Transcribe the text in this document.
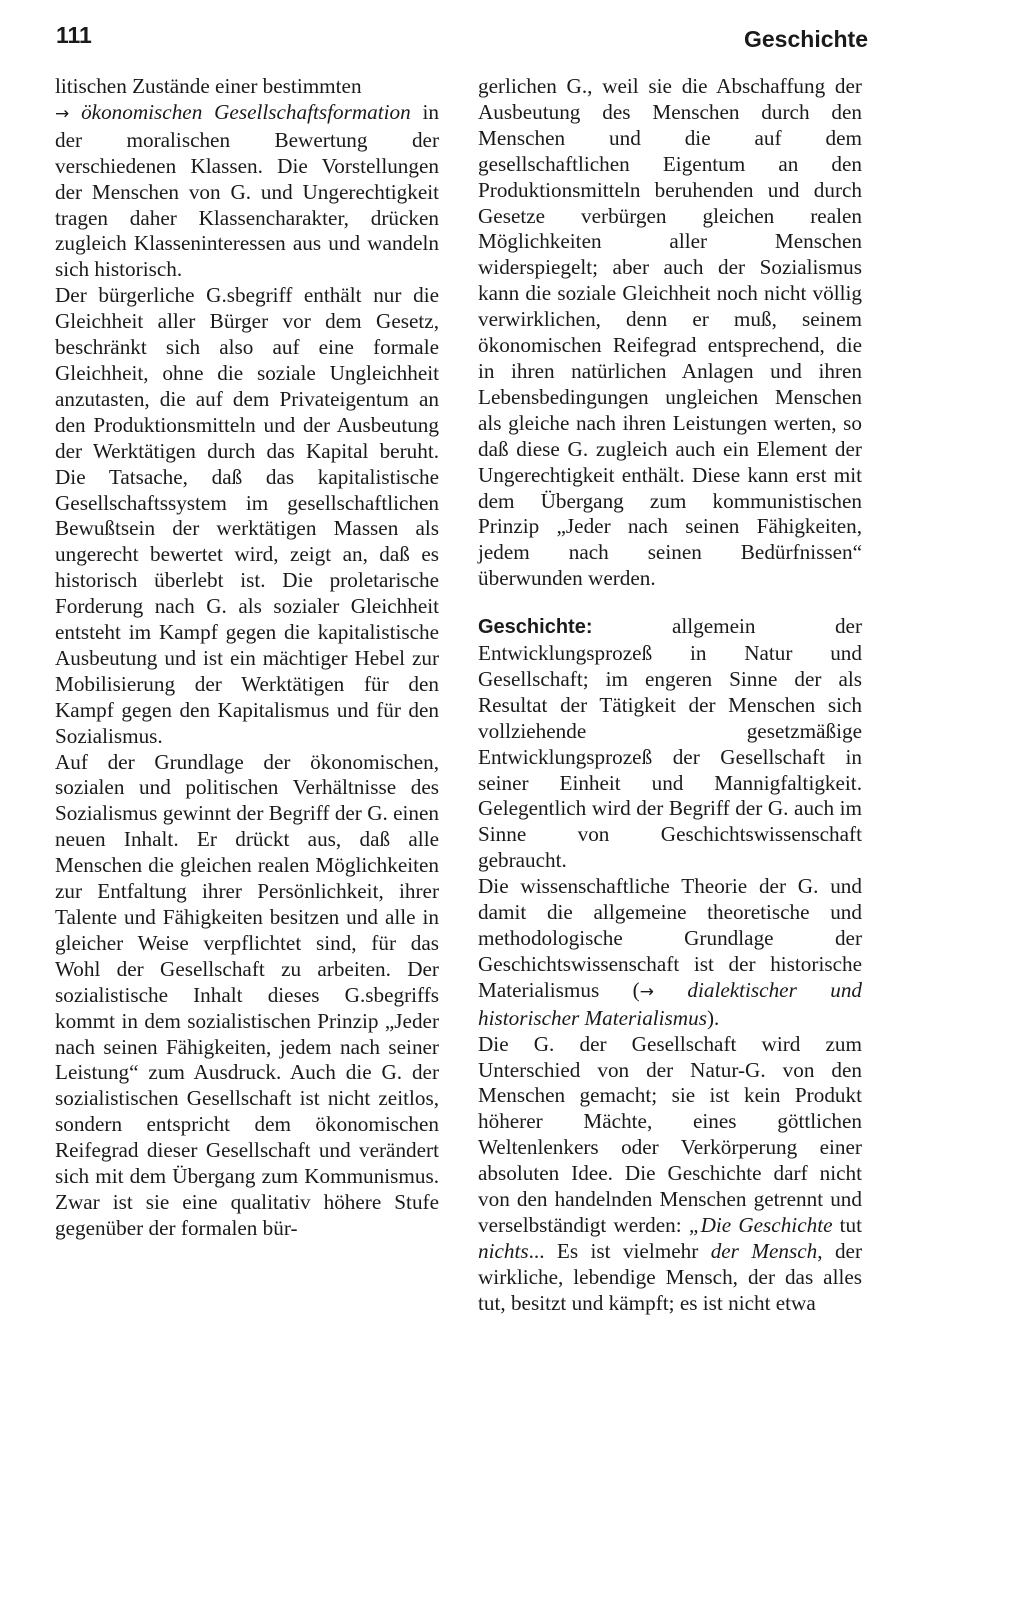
111	Geschichte

litischen Zustände einer bestimmten
→ ökonomischen Gesellschaftsformation in der moralischen Bewertung der verschiedenen Klassen. Die Vorstellungen der Menschen von G. und Ungerechtigkeit tragen daher Klassencharakter, drücken zugleich Klasseninteressen aus und wandeln sich historisch.

Der bürgerliche G.sbegriff enthält nur die Gleichheit aller Bürger vor dem Gesetz, beschränkt sich also auf eine formale Gleichheit, ohne die soziale Ungleichheit anzutasten, die auf dem Privateigentum an den Produktionsmitteln und der Ausbeutung der Werktätigen durch das Kapital beruht. Die Tatsache, daß das kapitalistische Gesellschaftssystem im gesellschaftlichen Bewußtsein der werktätigen Massen als ungerecht bewertet wird, zeigt an, daß es historisch überlebt ist. Die proletarische Forderung nach G. als sozialer Gleichheit entsteht im Kampf gegen die kapitalistische Ausbeutung und ist ein mächtiger Hebel zur Mobilisierung der Werktätigen für den Kampf gegen den Kapitalismus und für den Sozialismus.

Auf der Grundlage der ökonomischen, sozialen und politischen Verhältnisse des Sozialismus gewinnt der Begriff der G. einen neuen Inhalt. Er drückt aus, daß alle Menschen die gleichen realen Möglichkeiten zur Entfaltung ihrer Persönlichkeit, ihrer Talente und Fähigkeiten besitzen und alle in gleicher Weise verpflichtet sind, für das Wohl der Gesellschaft zu arbeiten. Der sozialistische Inhalt dieses G.sbegriffs kommt in dem sozialistischen Prinzip „Jeder nach seinen Fähigkeiten, jedem nach seiner Leistung“ zum Ausdruck. Auch die G. der sozialistischen Gesellschaft ist nicht zeitlos, sondern entspricht dem ökonomischen Reifegrad dieser Gesellschaft und verändert sich mit dem Übergang zum Kommunismus. Zwar ist sie eine qualitativ höhere Stufe gegenüber der formalen bür-

gerlichen G., weil sie die Abschaffung der Ausbeutung des Menschen durch den Menschen und die auf dem gesellschaftlichen Eigentum an den Produktionsmitteln beruhenden und durch Gesetze verbürgen gleichen realen Möglichkeiten aller Menschen widerspiegelt; aber auch der Sozialismus kann die soziale Gleichheit noch nicht völlig verwirklichen, denn er muß, seinem ökonomischen Reifegrad entsprechend, die in ihren natürlichen Anlagen und ihren Lebensbedingungen ungleichen Menschen als gleiche nach ihren Leistungen werten, so daß diese G. zugleich auch ein Element der Ungerechtigkeit enthält. Diese kann erst mit dem Übergang zum kommunistischen Prinzip „Jeder nach seinen Fähigkeiten, jedem nach seinen Bedürfnissen“ überwunden werden.

Geschichte: allgemein der Entwicklungsprozeß in Natur und Gesellschaft; im engeren Sinne der als Resultat der Tätigkeit der Menschen sich vollziehende gesetzmäßige Entwicklungsprozeß der Gesellschaft in seiner Einheit und Mannigfaltigkeit. Gelegentlich wird der Begriff der G. auch im Sinne von Geschichtswissenschaft gebraucht.

Die wissenschaftliche Theorie der G. und damit die allgemeine theoretische und methodologische Grundlage der Geschichtswissenschaft ist der historische Materialismus (→ dialektischer und historischer Materialismus).

Die G. der Gesellschaft wird zum Unterschied von der Natur-G. von den Menschen gemacht; sie ist kein Produkt höherer Mächte, eines göttlichen Weltenlenkers oder Verkörperung einer absoluten Idee. Die Geschichte darf nicht von den handelnden Menschen getrennt und verselbständigt werden: „Die Geschichte tut nichts... Es ist vielmehr der Mensch, der wirkliche, lebendige Mensch, der das alles tut, besitzt und kämpft; es ist nicht etwa
